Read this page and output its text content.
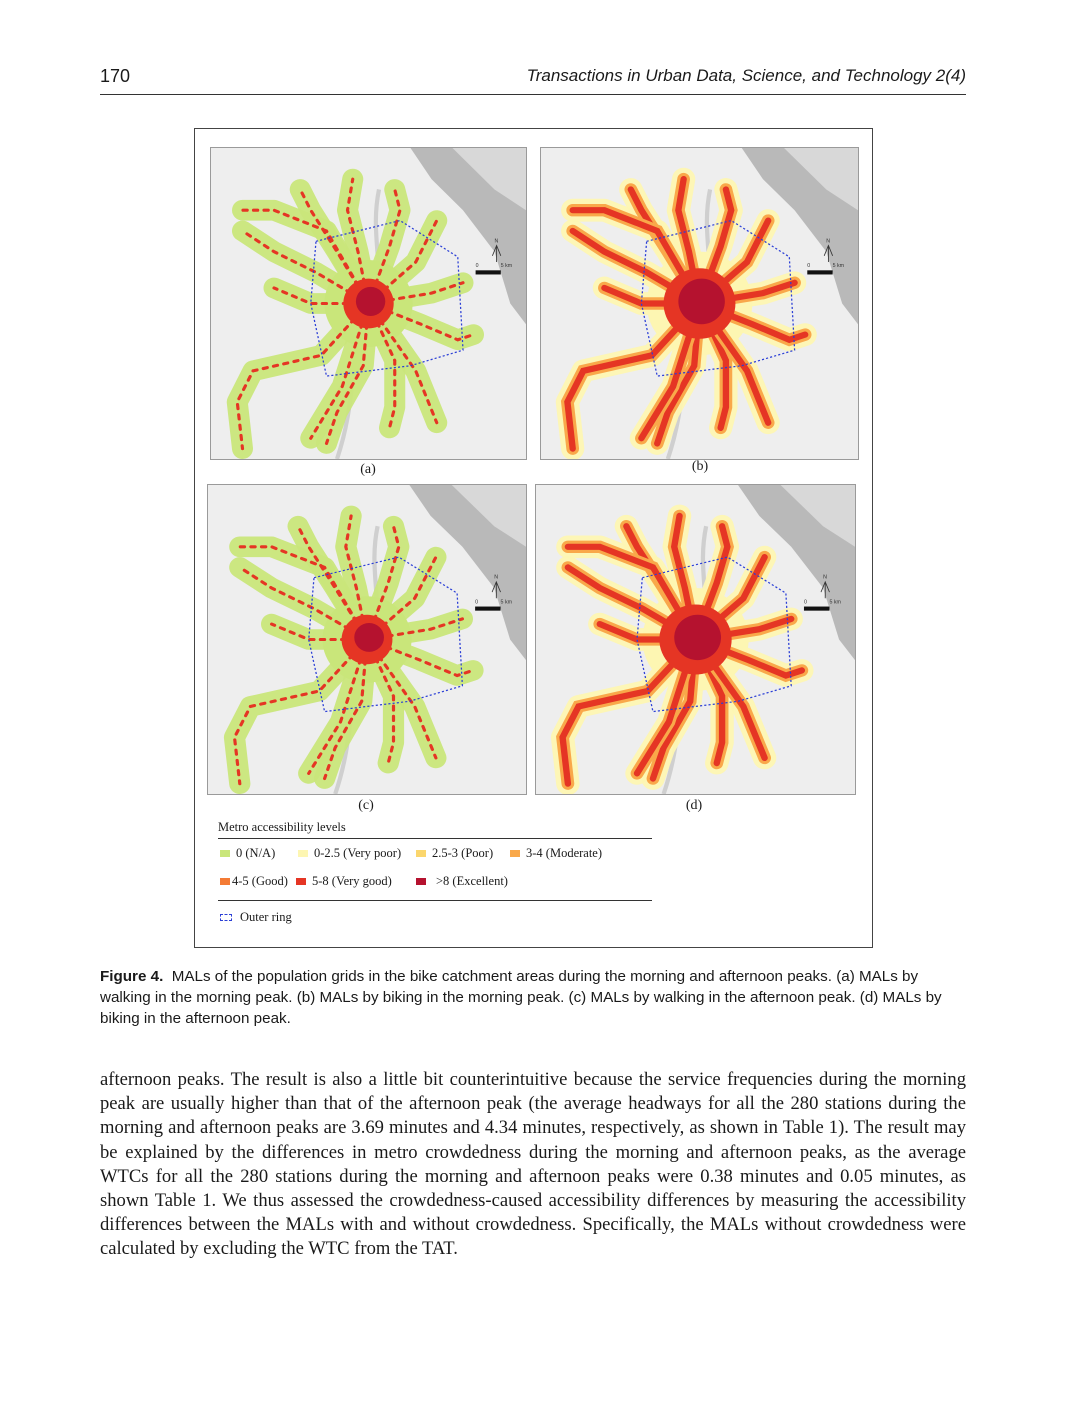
170	Transactions in Urban Data, Science, and Technology 2(4)
N
0	5 km
N
0	5 km
N
0	5 km
N
0	5 km
(a)	(b)
(c)	(d)
Metro accessibility levels
0 (N/A)	0-2.5 (Very poor) 2.5-3 (Poor)	3-4 (Moderate)
4-5 (Good) 5-8 (Very good)	>8 (Excellent)
Outer ring
Figure 4. MALs of the population grids in the bike catchment areas during the morning and afternoon peaks. (a) MALs by walking in the morning peak. (b) MALs by biking in the morning peak. (c) MALs by walking in the afternoon peak. (d) MALs by biking in the afternoon peak.
afternoon peaks. The result is also a little bit counterintuitive because the service frequencies during the morning peak are usually higher than that of the afternoon peak (the average headways for all the 280 stations during the morning and afternoon peaks are 3.69 minutes and 4.34 minutes, respectively, as shown in Table 1). The result may be explained by the differences in metro crowdedness during the morning and afternoon peaks, as the average WTCs for all the 280 stations during the morning and afternoon peaks were 0.38 minutes and 0.05 minutes, as shown Table 1. We thus assessed the crowdedness-caused accessibility differences by measuring the accessibility differences between the MALs with and without crowdedness. Specifically, the MALs without crowdedness were calculated by excluding the WTC from the TAT.
